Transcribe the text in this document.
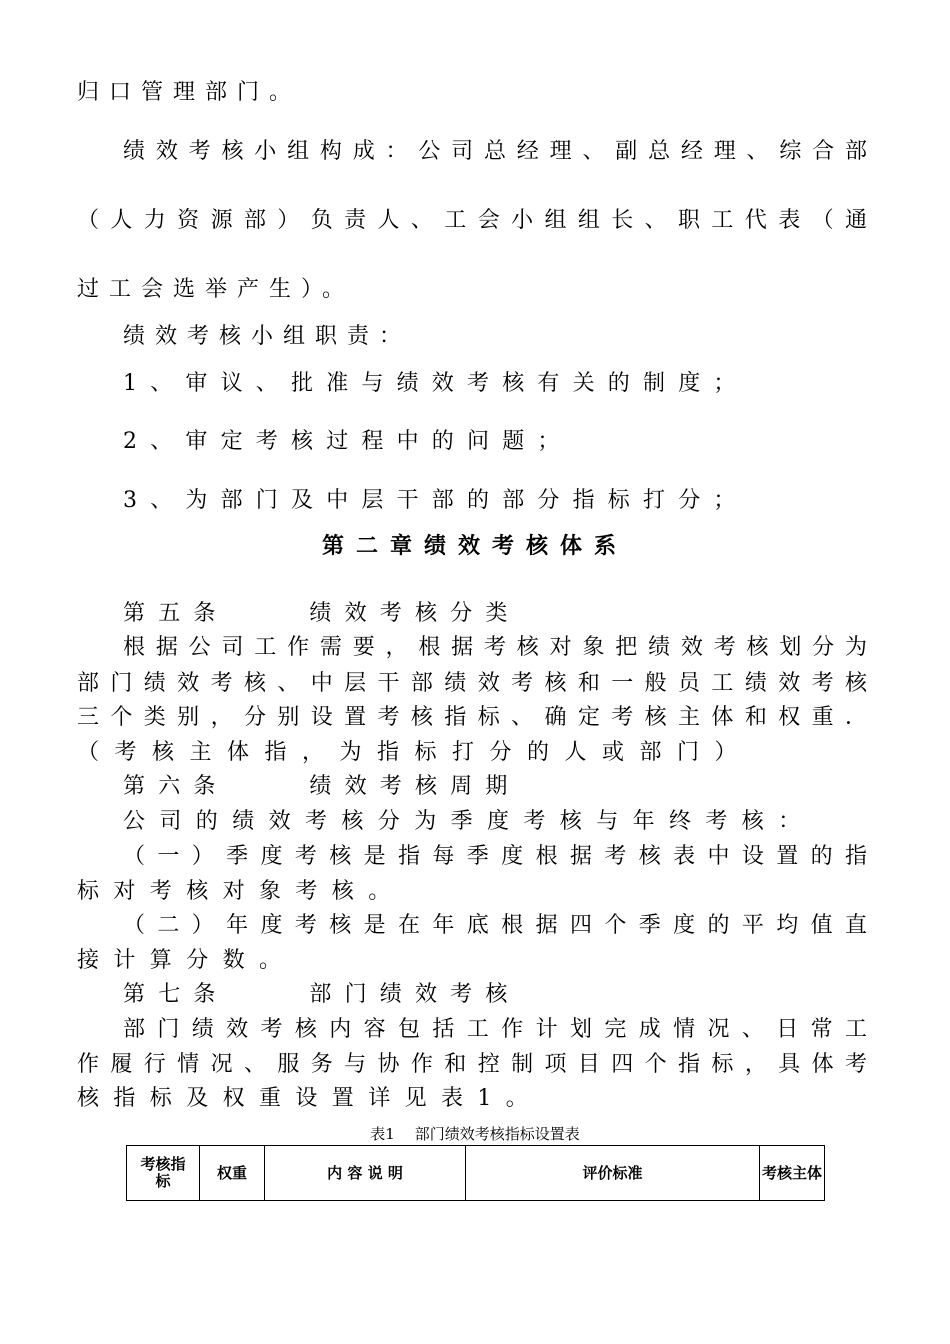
归口管理部门。
绩效考核小组构成：公司总经理、副总经理、综合部
（人力资源部）负责人、工会小组组长、职工代表（通
过工会选举产生）。
绩效考核小组职责：
1、审议、批准与绩效考核有关的制度；
2、审定考核过程中的问题；
3、为部门及中层干部的部分指标打分；
第二章绩效考核体系
第五条    绩效考核分类
根据公司工作需要，根据考核对象把绩效考核划分为
部门绩效考核、中层干部绩效考核和一般员工绩效考核
三个类别，分别设置考核指标、确定考核主体和权重．
（考核主体指，为指标打分的人或部门）
第六条    绩效考核周期
公司的绩效考核分为季度考核与年终考核：
（一）季度考核是指每季度根据考核表中设置的指
标对考核对象考核。
（二）年度考核是在年底根据四个季度的平均值直
接计算分数。
第七条    部门绩效考核
部门绩效考核内容包括工作计划完成情况、日常工
作履行情况、服务与协作和控制项目四个指标，具体考
核指标及权重设置详见表1。
表1 部门绩效考核指标设置表
考核指标	权重	内 容 说 明	评价标准	考核主体
